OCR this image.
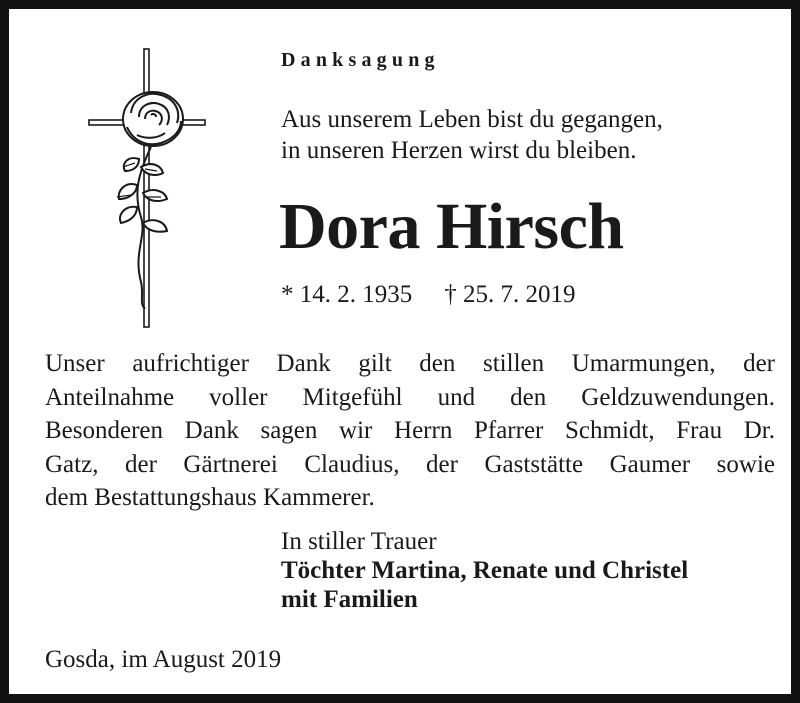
Danksagung
Aus unserem Leben bist du gegangen,
in unseren Herzen wirst du bleiben.
Dora Hirsch
* 14. 2. 1935 † 25. 7. 2019
Unser aufrichtiger Dank gilt den stillen Umarmungen, der
Anteilnahme voller Mitgefühl und den Geldzuwendungen.
Besonderen Dank sagen wir Herrn Pfarrer Schmidt, Frau Dr.
Gatz, der Gärtnerei Claudius, der Gaststätte Gaumer sowie
dem Bestattungshaus Kammerer.
In stiller Trauer
Töchter Martina, Renate und Christel
mit Familien
Gosda, im August 2019
